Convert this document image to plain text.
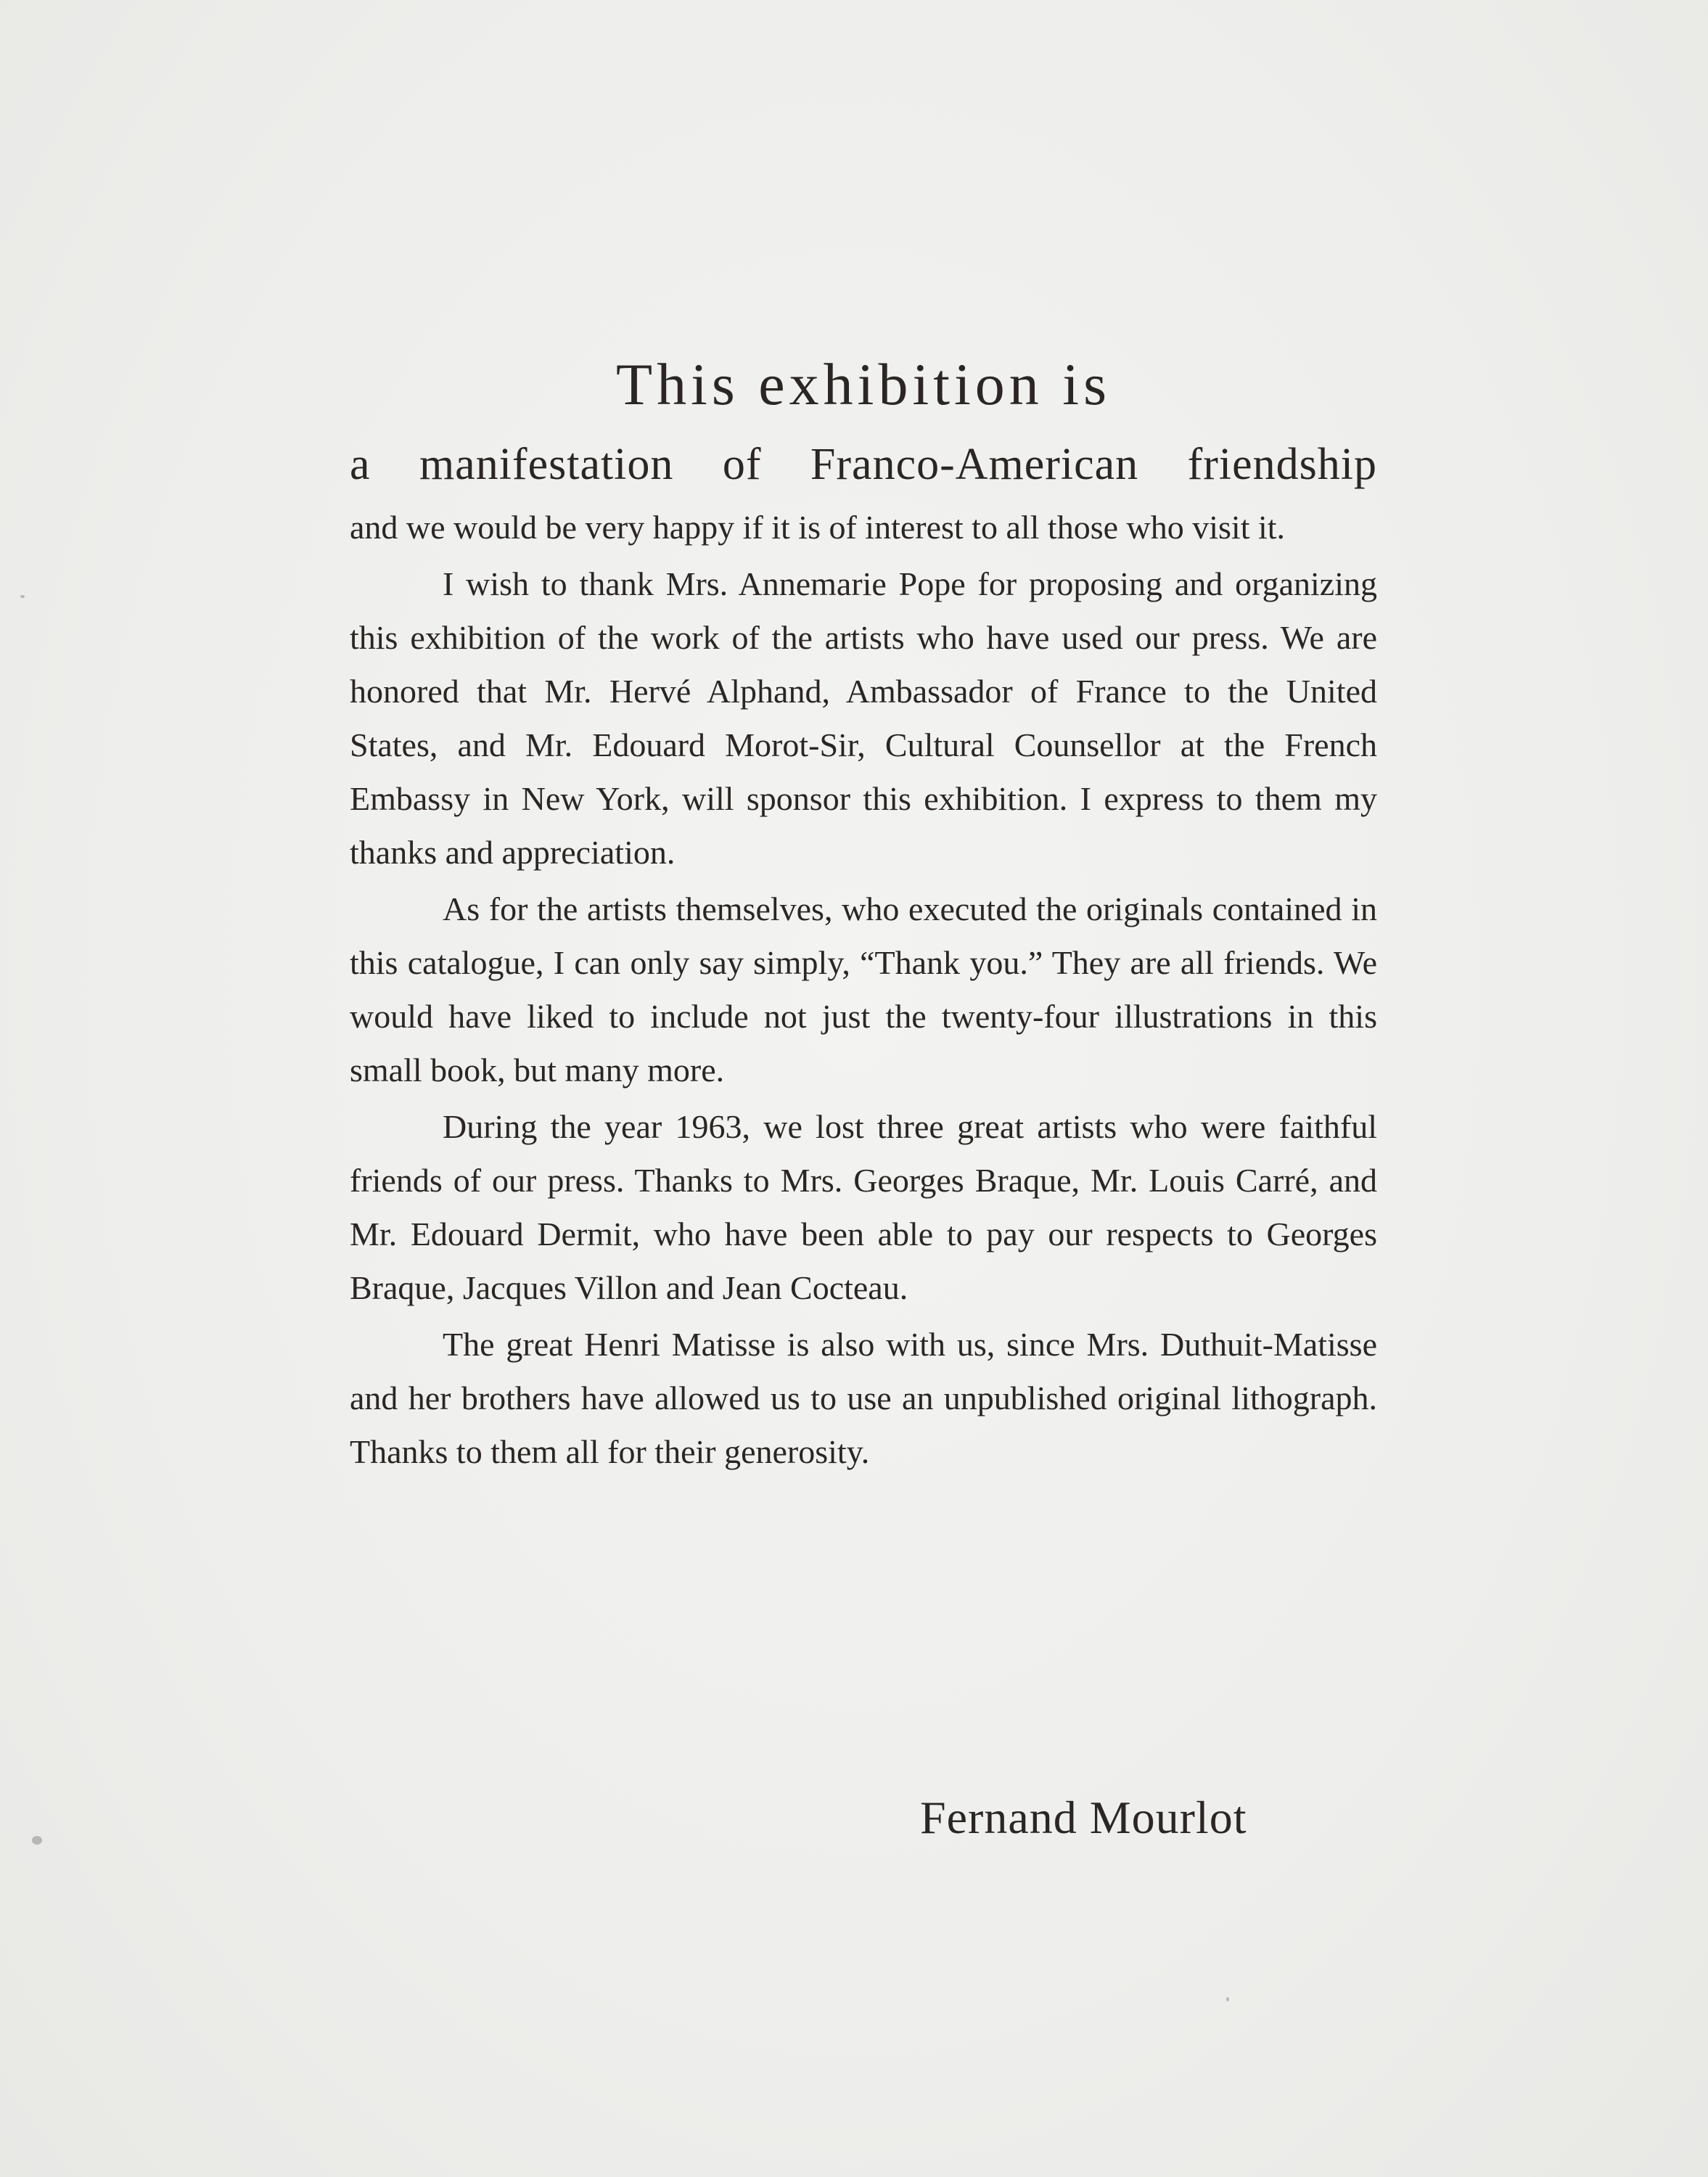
This exhibition is
a manifestation of Franco-American friendship

and we would be very happy if it is of interest to all those who visit it.

I wish to thank Mrs. Annemarie Pope for proposing and organizing this exhibition of the work of the artists who have used our press. We are honored that Mr. Hervé Alphand, Ambassador of France to the United States, and Mr. Edouard Morot-Sir, Cultural Counsellor at the French Embassy in New York, will sponsor this exhibition. I express to them my thanks and appreciation.

As for the artists themselves, who executed the originals contained in this catalogue, I can only say simply, “Thank you.” They are all friends. We would have liked to include not just the twenty-four illustrations in this small book, but many more.

During the year 1963, we lost three great artists who were faithful friends of our press. Thanks to Mrs. Georges Braque, Mr. Louis Carré, and Mr. Edouard Dermit, who have been able to pay our respects to Georges Braque, Jacques Villon and Jean Cocteau.

The great Henri Matisse is also with us, since Mrs. Duthuit-Matisse and her brothers have allowed us to use an unpublished original lithograph. Thanks to them all for their generosity.

Fernand Mourlot
